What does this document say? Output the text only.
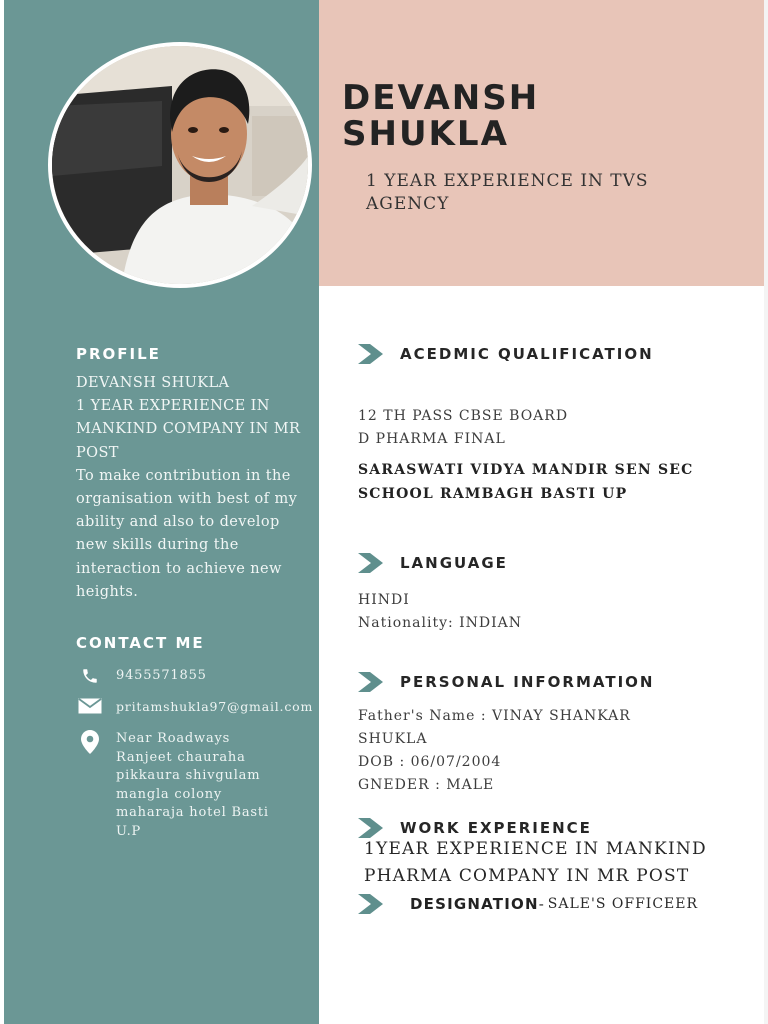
DEVANSH
SHUKLA
1 YEAR EXPERIENCE IN TVS AGENCY
PROFILE
DEVANSH SHUKLA
1 YEAR EXPERIENCE IN MANKIND COMPANY IN MR POST
To make contribution in the organisation with best of my ability and also to develop new skills during the interaction to achieve new heights.
CONTACT ME
9455571855
pritamshukla97@gmail.com
Near Roadways
Ranjeet chauraha
pikkaura shivgulam
mangla colony
maharaja hotel Basti
U.P
ACEDMIC QUALIFICATION
12 TH PASS CBSE BOARD
D PHARMA FINAL
SARASWATI VIDYA MANDIR SEN SEC SCHOOL RAMBAGH BASTI UP
LANGUAGE
HINDI
Nationality: INDIAN
PERSONAL INFORMATION
Father's Name : VINAY SHANKAR SHUKLA
DOB : 06/07/2004
GNEDER : MALE
WORK EXPERIENCE
1YEAR EXPERIENCE IN MANKIND
PHARMA COMPANY IN MR POST
DESIGNATION - SALE'S OFFICEER
